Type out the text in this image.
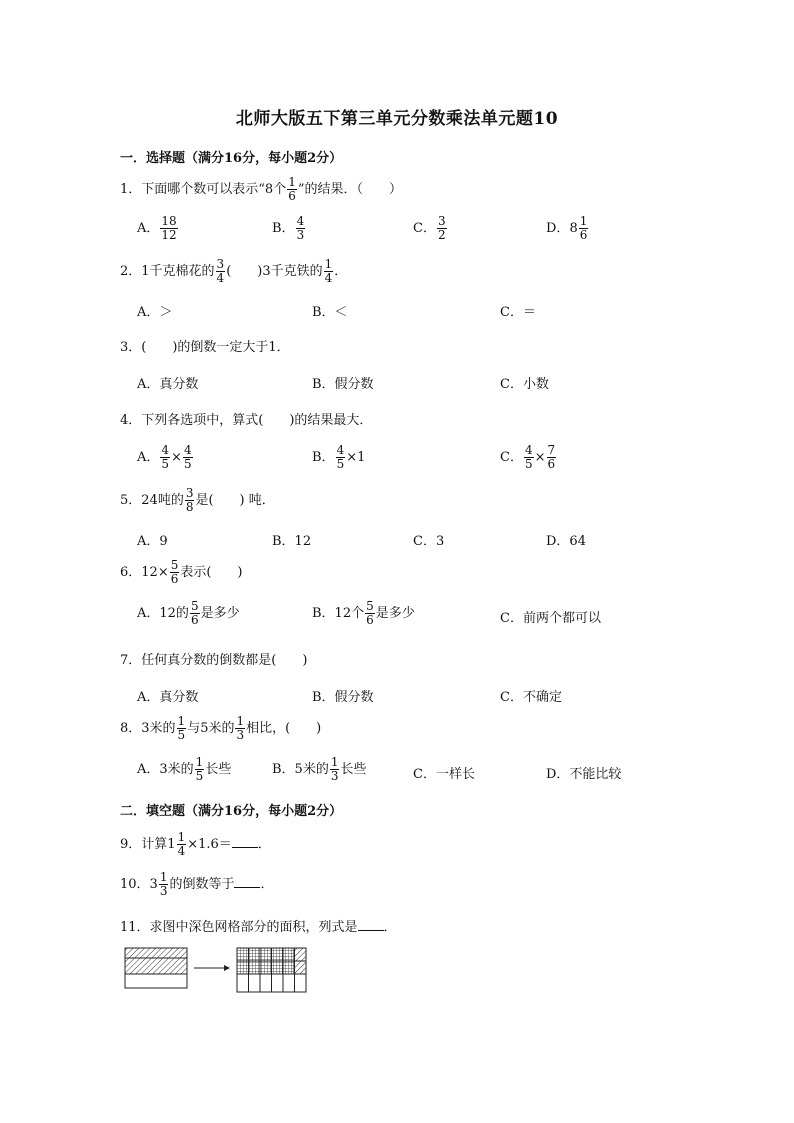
北师大版五下第三单元分数乘法单元题10
一．选择题（满分16分，每小题2分）
1．下面哪个数可以表示“8个 $\frac{1}{6}$ ”的结果．（　　）
A． $\frac{18}{12}$	B． $\frac{4}{3}$	C． $\frac{3}{2}$	D． $8 \frac{1}{6}$
2．1千克棉花的 $\frac{3}{4}$ (　　)3千克铁的 $\frac{1}{4}$ ．
A．＞	B．＜	C．＝
3．(　　)的倒数一定大于1．
A．真分数	B．假分数	C．小数
4．下列各选项中，算式(　　)的结果最大．
A． $\frac{4}{5} \times \frac{4}{5}$	B． $\frac{4}{5} \times 1$	C． $\frac{4}{5} \times \frac{7}{6}$
5．24吨的 $\frac{3}{8}$ 是(　　) 吨．
A．9	B．12	C．3	D．64
6．$12\times \frac{5}{6}$ 表示(　　)
A．12的 $\frac{5}{6}$ 是多少	B．12个 $\frac{5}{6}$ 是多少	C．前两个都可以
7．任何真分数的倒数都是(　　)
A．真分数	B．假分数	C．不确定
8．3米的 $\frac{1}{5}$ 与5米的 $\frac{1}{3}$ 相比，(　　)
A．3米的 $\frac{1}{5}$ 长些	B．5米的 $\frac{1}{3}$ 长些	C．一样长	D．不能比较
二．填空题（满分16分，每小题2分）
9．计算 $1 \frac{1}{4} \times 1.6=$ ．
10． $3 \frac{1}{3}$ 的倒数等于 ．
11．求图中深色网格部分的面积，列式是 ．
